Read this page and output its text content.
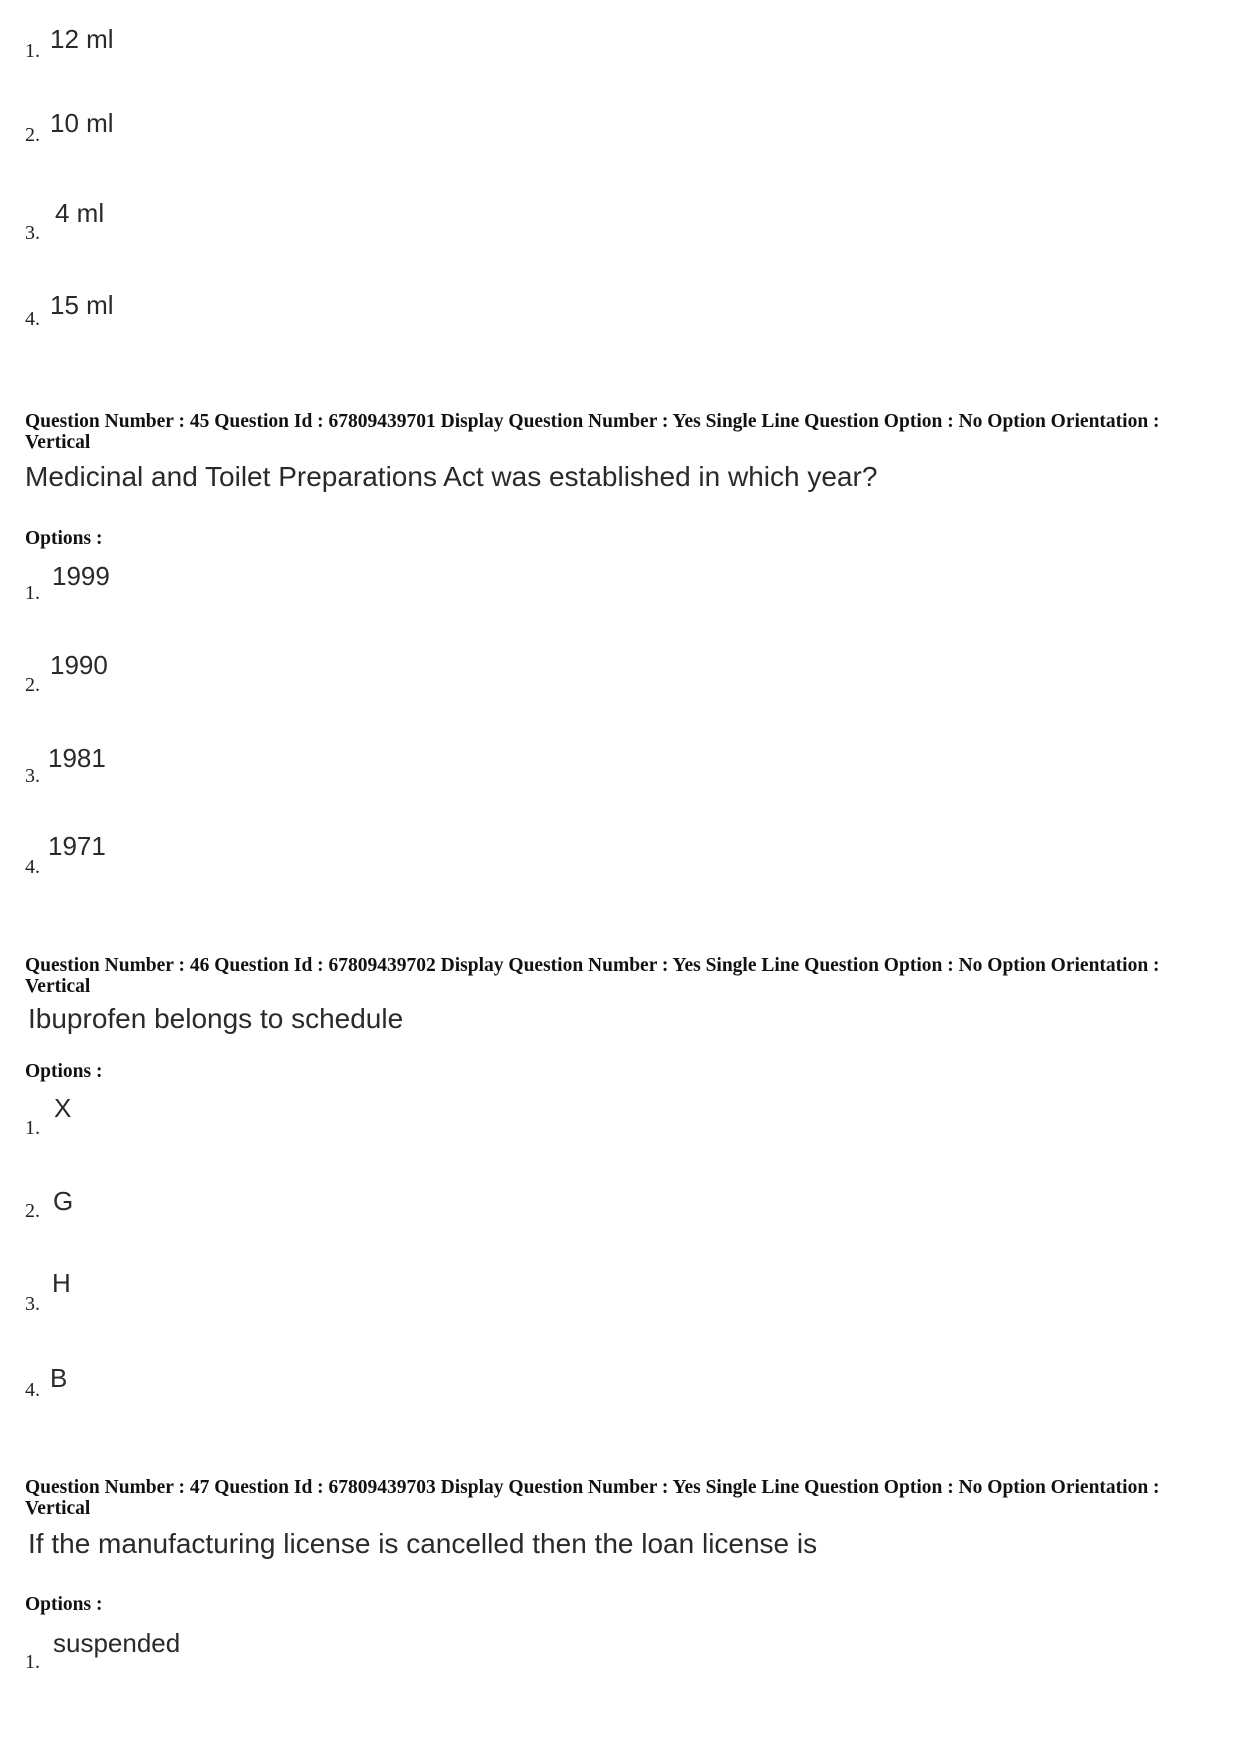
1. 12 ml
2. 10 ml
3.
4 ml
4. 15 ml
Question Number : 45 Question Id : 67809439701 Display Question Number : Yes Single Line Question Option : No Option Orientation : Vertical
Medicinal and Toilet Preparations Act was established in which year?
Options :
1.
1999
2.
1990
3.
1981
4.
1971
Question Number : 46 Question Id : 67809439702 Display Question Number : Yes Single Line Question Option : No Option Orientation : Vertical
Ibuprofen belongs to schedule
Options :
1.
X
2. G
3.
H
4. B
Question Number : 47 Question Id : 67809439703 Display Question Number : Yes Single Line Question Option : No Option Orientation : Vertical
If the manufacturing license is cancelled then the loan license is
Options :
1.
suspended
